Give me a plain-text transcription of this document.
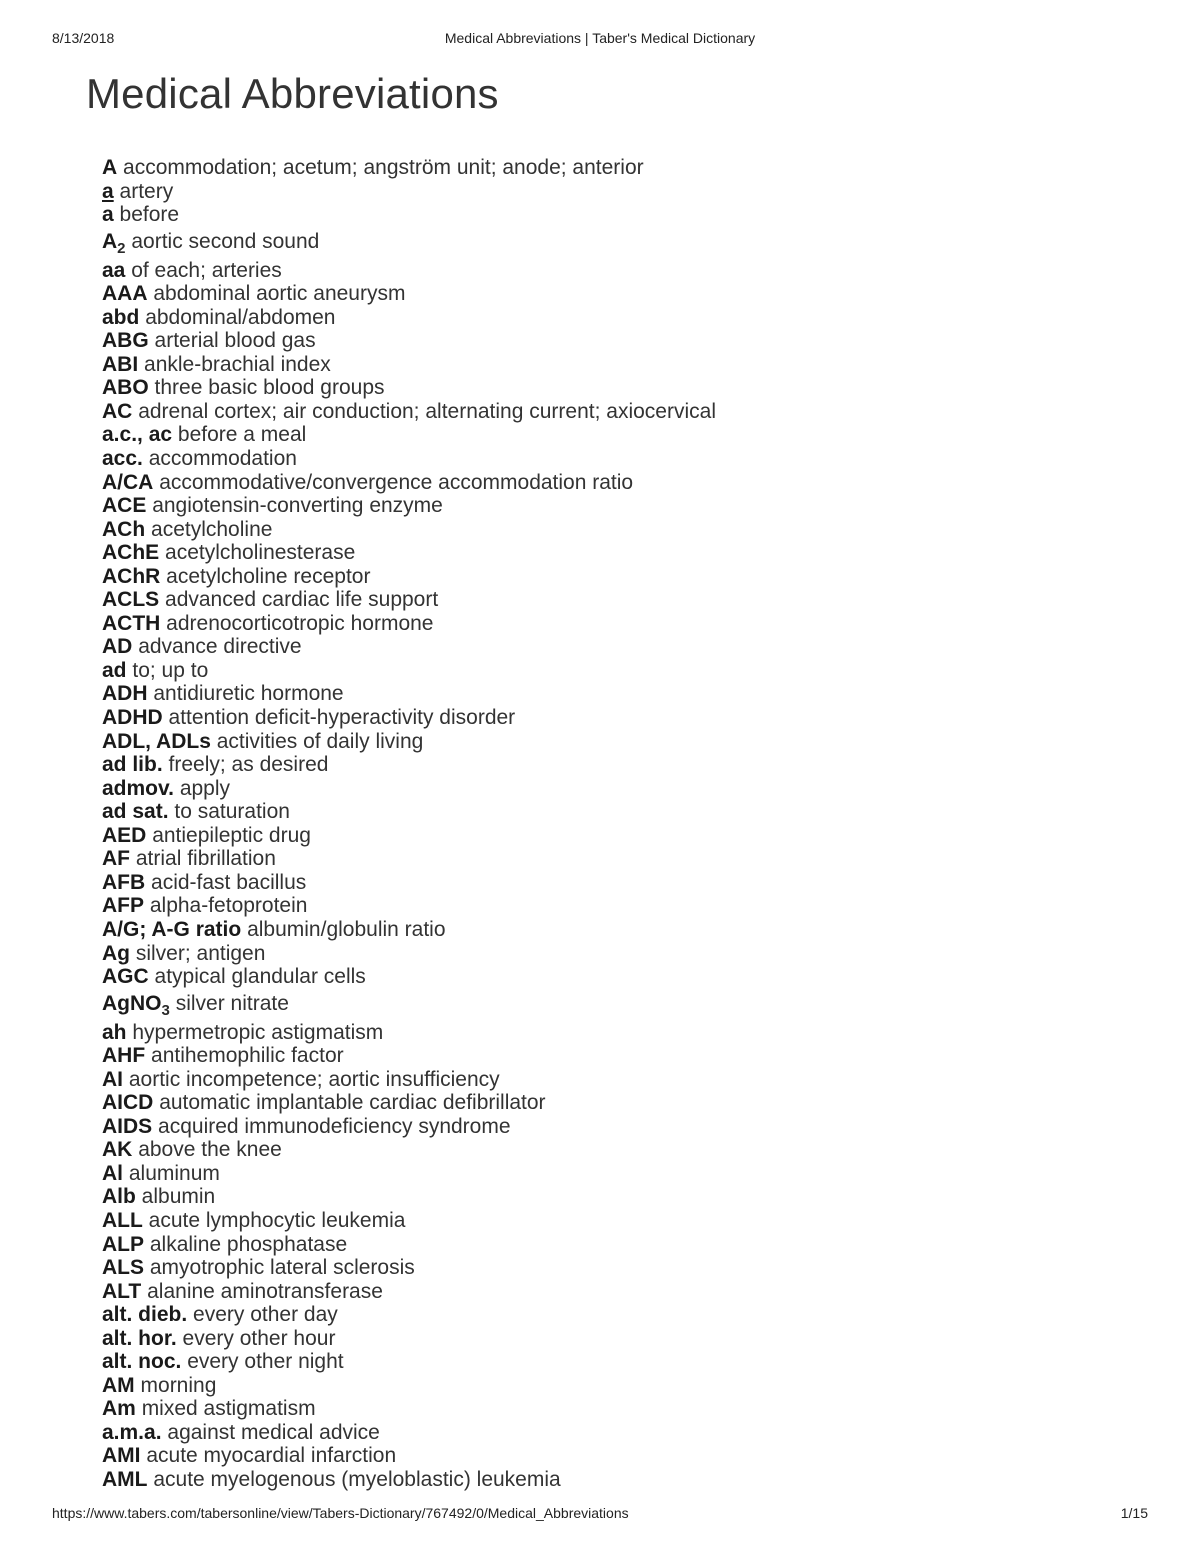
8/13/2018	Medical Abbreviations | Taber's Medical Dictionary
Medical Abbreviations
A accommodation; acetum; angström unit; anode; anterior
a artery
a before
$A_2$ aortic second sound
aa of each; arteries
AAA abdominal aortic aneurysm
abd abdominal/abdomen
ABG arterial blood gas
ABI ankle-brachial index
ABO three basic blood groups
AC adrenal cortex; air conduction; alternating current; axiocervical
a.c., ac before a meal
acc. accommodation
A/CA accommodative/convergence accommodation ratio
ACE angiotensin-converting enzyme
ACh acetylcholine
AChE acetylcholinesterase
AChR acetylcholine receptor
ACLS advanced cardiac life support
ACTH adrenocorticotropic hormone
AD advance directive
ad to; up to
ADH antidiuretic hormone
ADHD attention deficit-hyperactivity disorder
ADL, ADLs activities of daily living
ad lib. freely; as desired
admov. apply
ad sat. to saturation
AED antiepileptic drug
AF atrial fibrillation
AFB acid-fast bacillus
AFP alpha-fetoprotein
A/G; A-G ratio albumin/globulin ratio
Ag silver; antigen
AGC atypical glandular cells
AgNO$_3$ silver nitrate
ah hypermetropic astigmatism
AHF antihemophilic factor
AI aortic incompetence; aortic insufficiency
AICD automatic implantable cardiac defibrillator
AIDS acquired immunodeficiency syndrome
AK above the knee
Al aluminum
Alb albumin
ALL acute lymphocytic leukemia
ALP alkaline phosphatase
ALS amyotrophic lateral sclerosis
ALT alanine aminotransferase
alt. dieb. every other day
alt. hor. every other hour
alt. noc. every other night
AM morning
Am mixed astigmatism
a.m.a. against medical advice
AMI acute myocardial infarction
AML acute myelogenous (myeloblastic) leukemia
https://www.tabers.com/tabersonline/view/Tabers-Dictionary/767492/0/Medical_Abbreviations	1/15
